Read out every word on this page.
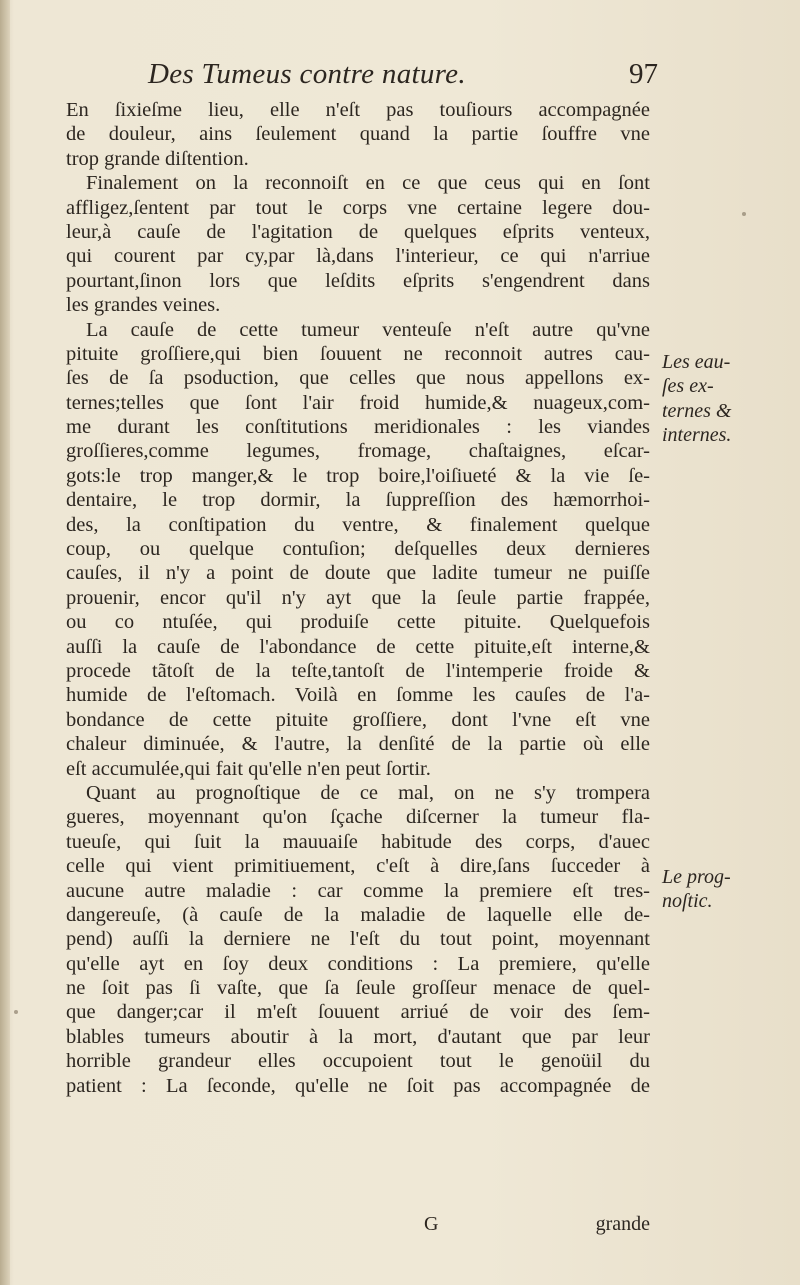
Des Tumeus contre nature.	97
En ſixieſme lieu, elle n'eſt pas touſiours accompagnée
de douleur, ains ſeulement quand la partie ſouffre vne
trop grande diſtention.
Finalement on la reconnoiſt en ce que ceus qui en ſont
affligez,ſentent par tout le corps vne certaine legere dou-
leur,à cauſe de l'agitation de quelques eſprits venteux,
qui courent par cy,par là,dans l'interieur, ce qui n'arriue
pourtant,ſinon lors que leſdits eſprits s'engendrent dans
les grandes veines.
La cauſe de cette tumeur venteuſe n'eſt autre qu'vne
pituite groſſiere,qui bien ſouuent ne reconnoit autres cau-
ſes de ſa psoduction, que celles que nous appellons ex-
ternes;telles que ſont l'air froid humide,& nuageux,com-
me durant les conſtitutions meridionales : les viandes
groſſieres,comme legumes, fromage, chaſtaignes, eſcar-
gots:le trop manger,& le trop boire,l'oiſiueté & la vie ſe-
dentaire, le trop dormir, la ſuppreſſion des hæmorrhoi-
des, la conſtipation du ventre, & finalement quelque
coup, ou quelque contuſion; deſquelles deux dernieres
cauſes, il n'y a point de doute que ladite tumeur ne puiſſe
prouenir, encor qu'il n'y ayt que la ſeule partie frappée,
ou co ntuſée, qui produiſe cette pituite. Quelquefois
auſſi la cauſe de l'abondance de cette pituite,eſt interne,&
procede tãtoſt de la teſte,tantoſt de l'intemperie froide &
humide de l'eſtomach. Voilà en ſomme les cauſes de l'a-
bondance de cette pituite groſſiere, dont l'vne eſt vne
chaleur diminuée, & l'autre, la denſité de la partie où elle
eſt accumulée,qui fait qu'elle n'en peut ſortir.
Quant au prognoſtique de ce mal, on ne s'y trompera
gueres, moyennant qu'on ſçache diſcerner la tumeur fla-
tueuſe, qui ſuit la mauuaiſe habitude des corps, d'auec
celle qui vient primitiuement, c'eſt à dire,ſans ſucceder à
aucune autre maladie : car comme la premiere eſt tres-
dangereuſe, (à cauſe de la maladie de laquelle elle de-
pend) auſſi la derniere ne l'eſt du tout point, moyennant
qu'elle ayt en ſoy deux conditions : La premiere, qu'elle
ne ſoit pas ſi vaſte, que ſa ſeule groſſeur menace de quel-
que danger;car il m'eſt ſouuent arriué de voir des ſem-
blables tumeurs aboutir à la mort, d'autant que par leur
horrible grandeur elles occupoient tout le genoüil du
patient : La ſeconde, qu'elle ne ſoit pas accompagnée de
Les eau-
ſes ex-
ternes &
internes.
Le prog-
noſtic.
G	grande
